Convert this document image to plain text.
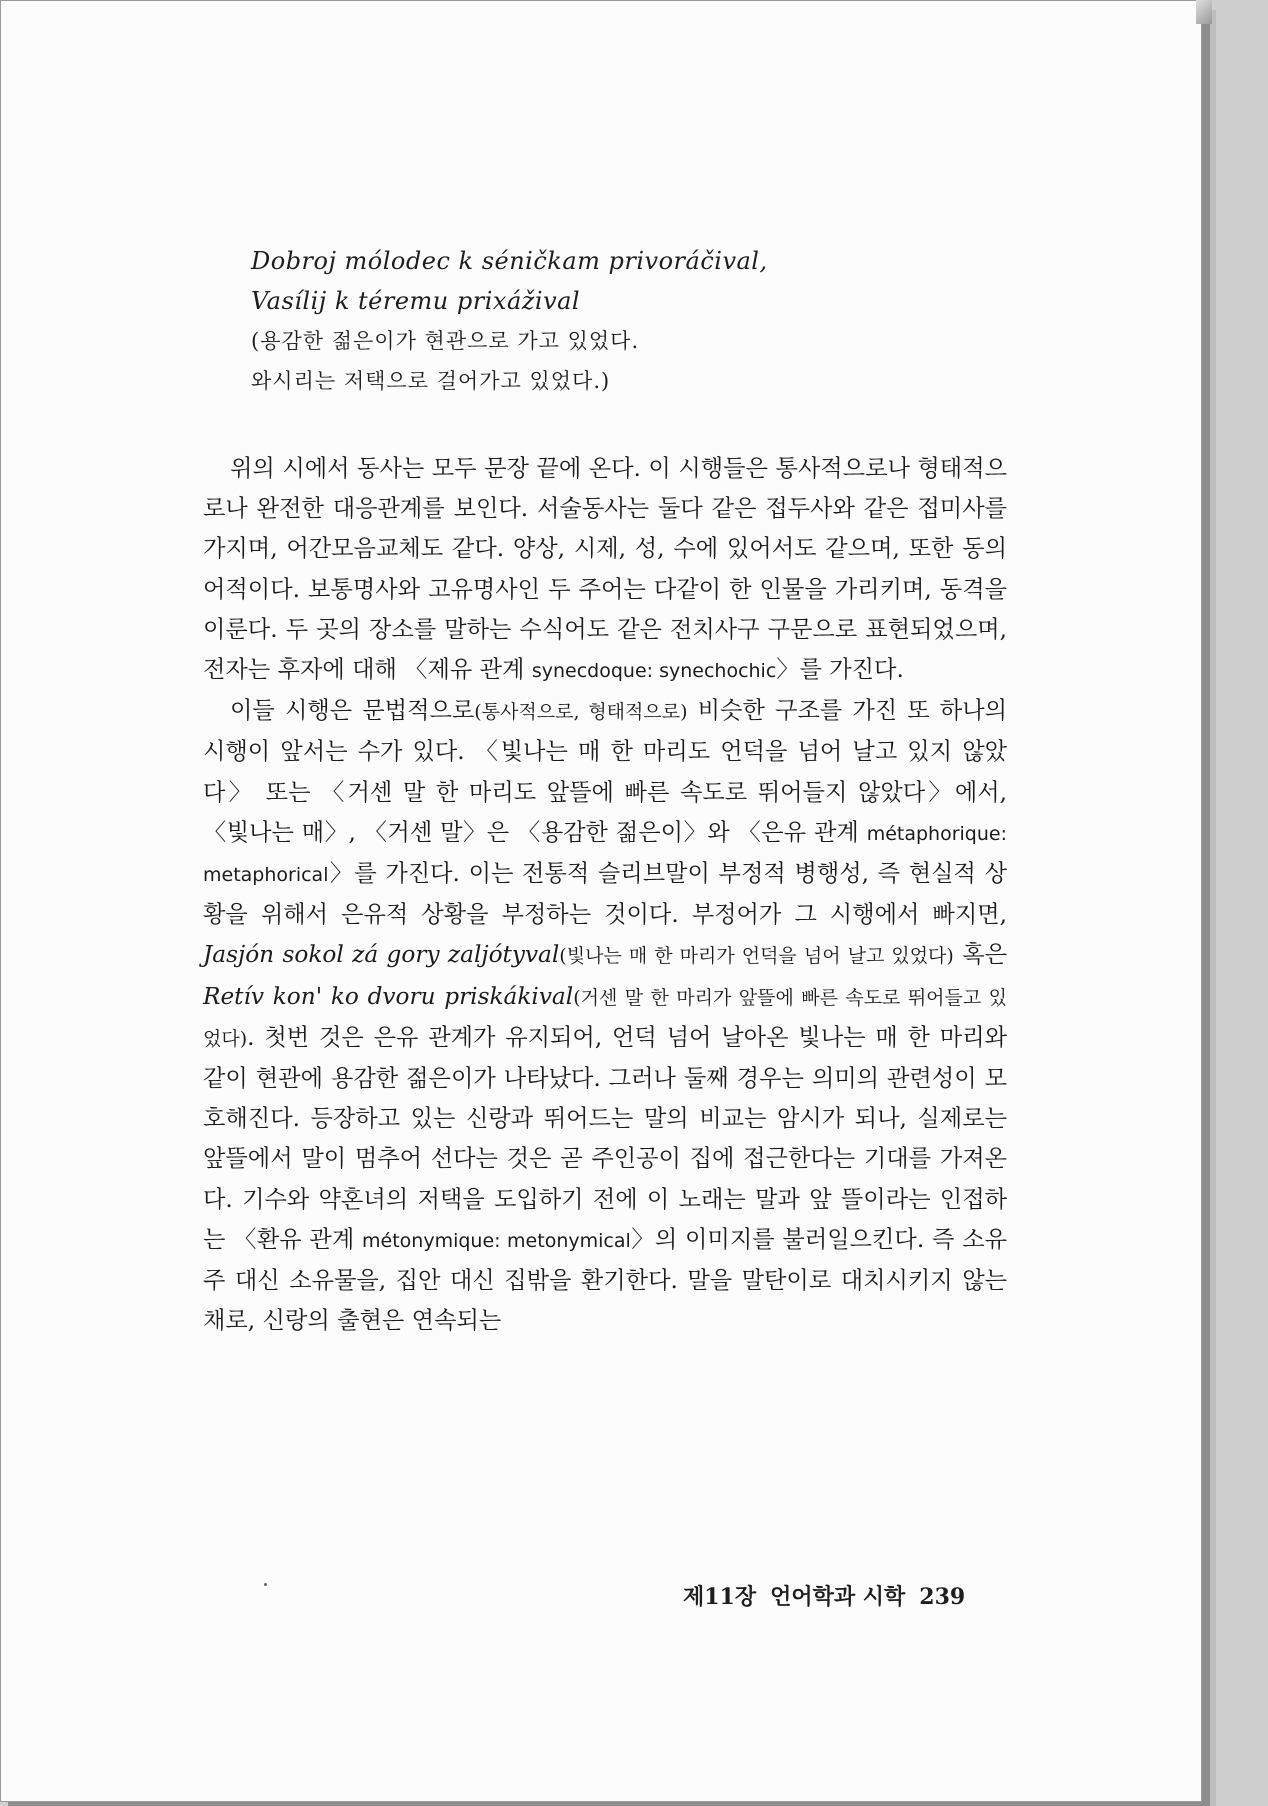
Dobroj mólodec k séničkam privoráčival,
Vasílij k téremu prixážival
(용감한 젊은이가 현관으로 가고 있었다.
와시리는 저택으로 걸어가고 있었다.)

위의 시에서 동사는 모두 문장 끝에 온다. 이 시행들은 통사적으로나 형태적으로나 완전한 대응관계를 보인다. 서술동사는 둘다 같은 접두사와 같은 접미사를 가지며, 어간모음교체도 같다. 양상, 시제, 성, 수에 있어서도 같으며, 또한 동의어적이다. 보통명사와 고유명사인 두 주어는 다같이 한 인물을 가리키며, 동격을 이룬다. 두 곳의 장소를 말하는 수식어도 같은 전치사구 구문으로 표현되었으며, 전자는 후자에 대해 〈제유 관계 synecdoque: synechochic〉를 가진다.

이들 시행은 문법적으로(통사적으로, 형태적으로) 비슷한 구조를 가진 또 하나의 시행이 앞서는 수가 있다. 〈빛나는 매 한 마리도 언덕을 넘어 날고 있지 않았다〉 또는 〈거센 말 한 마리도 앞뜰에 빠른 속도로 뛰어들지 않았다〉에서, 〈빛나는 매〉, 〈거센 말〉은 〈용감한 젊은이〉와 〈은유 관계 métaphorique: metaphorical〉를 가진다. 이는 전통적 슬리브말이 부정적 병행성, 즉 현실적 상황을 위해서 은유적 상황을 부정하는 것이다. 부정어가 그 시행에서 빠지면, Jasjón sokol zá gory zaljótyval(빛나는 매 한 마리가 언덕을 넘어 날고 있었다) 혹은 Retív kon' ko dvoru priskákival(거센 말 한 마리가 앞뜰에 빠른 속도로 뛰어들고 있었다). 첫번 것은 은유 관계가 유지되어, 언덕 넘어 날아온 빛나는 매 한 마리와 같이 현관에 용감한 젊은이가 나타났다. 그러나 둘째 경우는 의미의 관련성이 모호해진다. 등장하고 있는 신랑과 뛰어드는 말의 비교는 암시가 되나, 실제로는 앞뜰에서 말이 멈추어 선다는 것은 곧 주인공이 집에 접근한다는 기대를 가져온다. 기수와 약혼녀의 저택을 도입하기 전에 이 노래는 말과 앞 뜰이라는 인접하는 〈환유 관계 métonymique: metonymical〉의 이미지를 불러일으킨다. 즉 소유주 대신 소유물을, 집안 대신 집밖을 환기한다. 말을 말탄이로 대치시키지 않는 채로, 신랑의 출현은 연속되는

제11장 언어학과 시학 239
